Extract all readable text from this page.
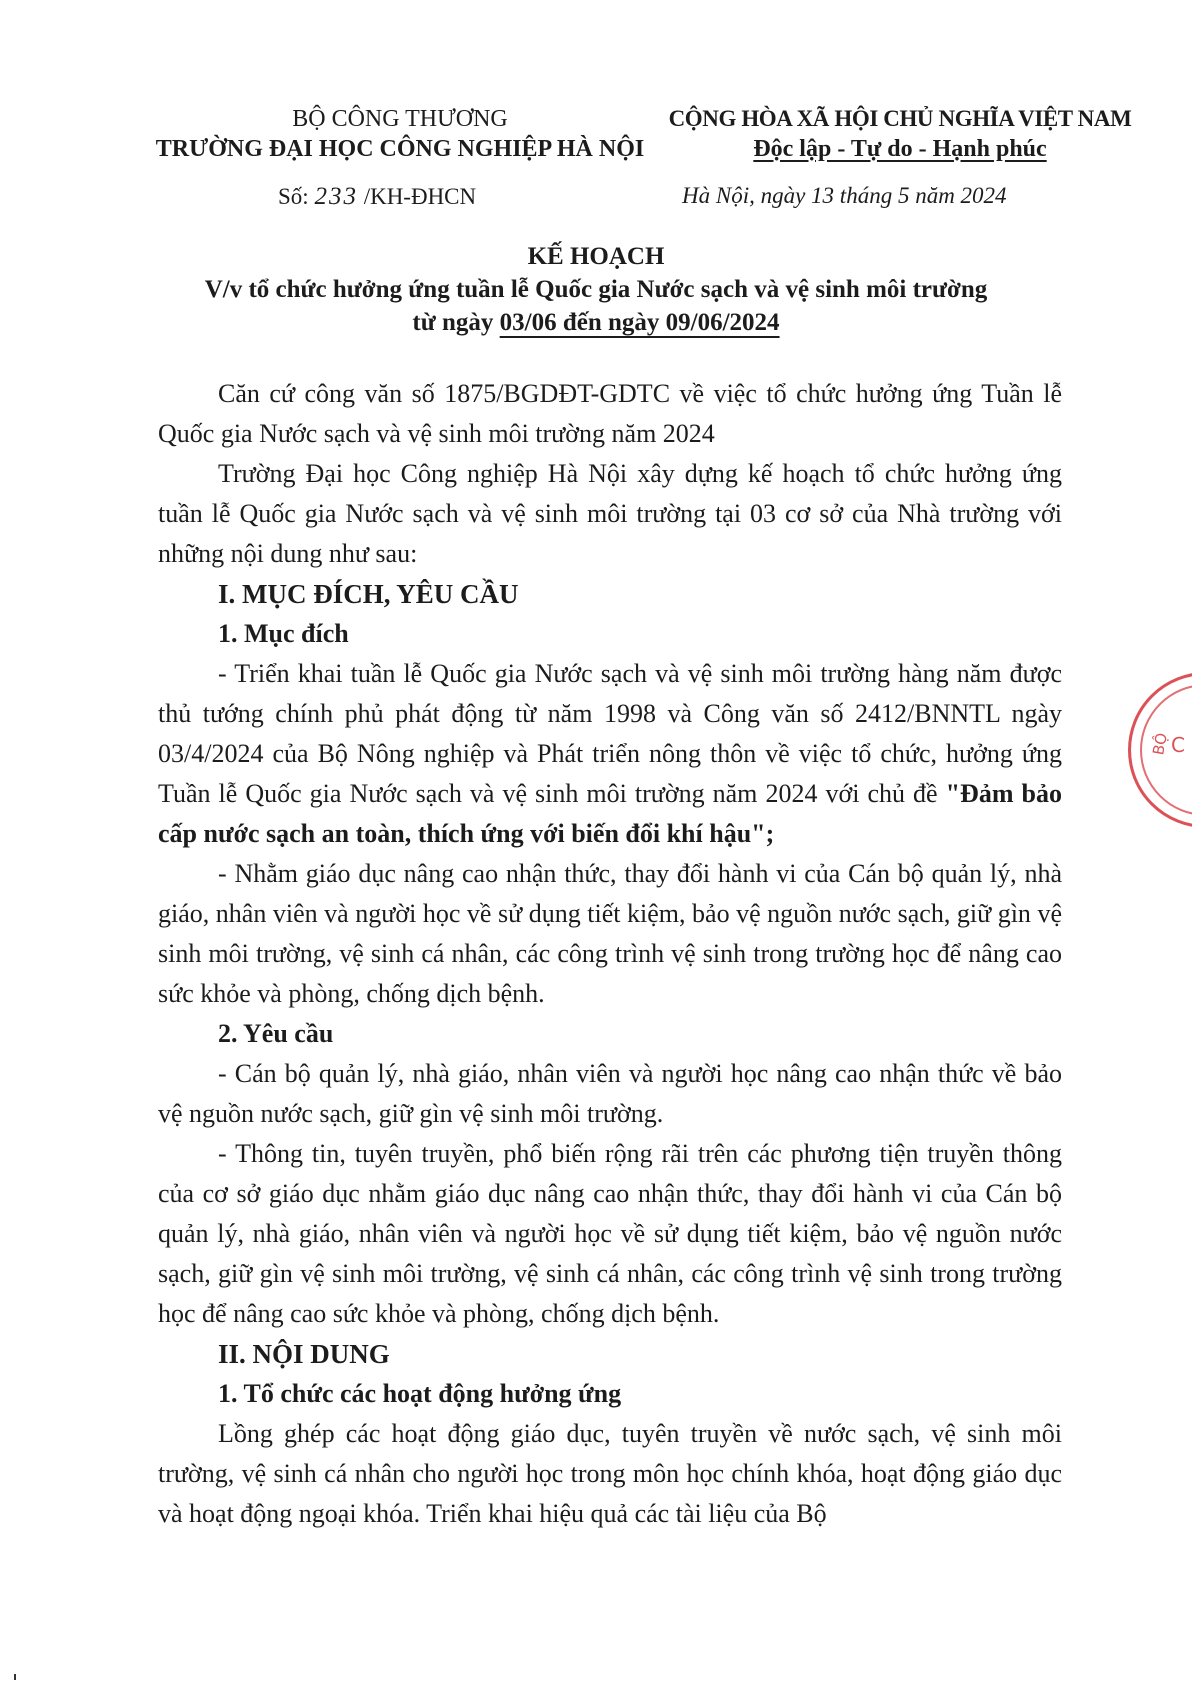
BỘ CÔNG THƯƠNG
TRƯỜNG ĐẠI HỌC CÔNG NGHIỆP HÀ NỘI
CỘNG HÒA XÃ HỘI CHỦ NGHĨA VIỆT NAM
Độc lập - Tự do - Hạnh phúc
Số: 233 /KH-ĐHCN	Hà Nội, ngày 13 tháng 5 năm 2024
KẾ HOẠCH
V/v tổ chức hưởng ứng tuần lễ Quốc gia Nước sạch và vệ sinh môi trường
từ ngày 03/06 đến ngày 09/06/2024

Căn cứ công văn số 1875/BGDĐT-GDTC về việc tổ chức hưởng ứng Tuần lễ Quốc gia Nước sạch và vệ sinh môi trường năm 2024

Trường Đại học Công nghiệp Hà Nội xây dựng kế hoạch tổ chức hưởng ứng tuần lễ Quốc gia Nước sạch và vệ sinh môi trường tại 03 cơ sở của Nhà trường với những nội dung như sau:

I. MỤC ĐÍCH, YÊU CẦU

1. Mục đích

- Triển khai tuần lễ Quốc gia Nước sạch và vệ sinh môi trường hàng năm được thủ tướng chính phủ phát động từ năm 1998 và Công văn số 2412/BNNTL ngày 03/4/2024 của Bộ Nông nghiệp và Phát triển nông thôn về việc tổ chức, hưởng ứng Tuần lễ Quốc gia Nước sạch và vệ sinh môi trường năm 2024 với chủ đề "Đảm bảo cấp nước sạch an toàn, thích ứng với biến đổi khí hậu";

- Nhằm giáo dục nâng cao nhận thức, thay đổi hành vi của Cán bộ quản lý, nhà giáo, nhân viên và người học về sử dụng tiết kiệm, bảo vệ nguồn nước sạch, giữ gìn vệ sinh môi trường, vệ sinh cá nhân, các công trình vệ sinh trong trường học để nâng cao sức khỏe và phòng, chống dịch bệnh.

2. Yêu cầu

- Cán bộ quản lý, nhà giáo, nhân viên và người học nâng cao nhận thức về bảo vệ nguồn nước sạch, giữ gìn vệ sinh môi trường.

- Thông tin, tuyên truyền, phổ biến rộng rãi trên các phương tiện truyền thông của cơ sở giáo dục nhằm giáo dục nâng cao nhận thức, thay đổi hành vi của Cán bộ quản lý, nhà giáo, nhân viên và người học về sử dụng tiết kiệm, bảo vệ nguồn nước sạch, giữ gìn vệ sinh môi trường, vệ sinh cá nhân, các công trình vệ sinh trong trường học để nâng cao sức khỏe và phòng, chống dịch bệnh.

II. NỘI DUNG

1. Tổ chức các hoạt động hưởng ứng

Lồng ghép các hoạt động giáo dục, tuyên truyền về nước sạch, vệ sinh môi trường, vệ sinh cá nhân cho người học trong môn học chính khóa, hoạt động giáo dục và hoạt động ngoại khóa. Triển khai hiệu quả các tài liệu của Bộ

BỘ C
